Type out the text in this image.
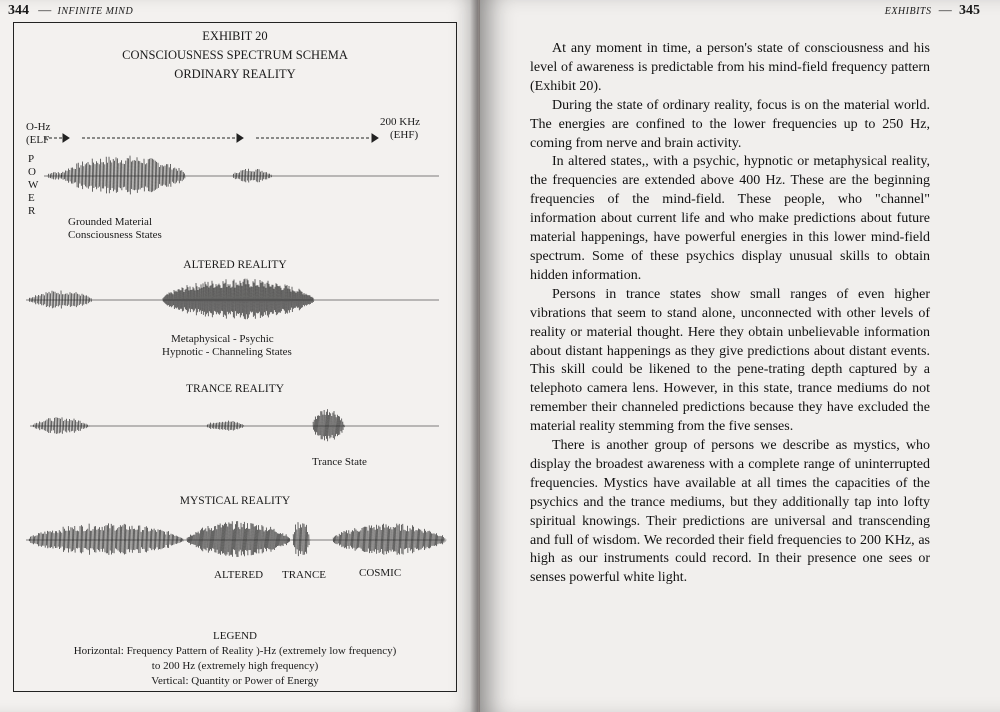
344 — INFINITE MIND
EXHIBIT 20
CONSCIOUSNESS SPECTRUM SCHEMA
ORDINARY REALITY
O-Hz
(ELF
200 KHz
(EHF)
P
O
W
E
R
Grounded Material
Consciousness States
ALTERED REALITY
Metaphysical - Psychic
Hypnotic - Channeling States
TRANCE REALITY
Trance State
MYSTICAL REALITY
ALTERED TRANCE	COSMIC
LEGEND
Horizontal: Frequency Pattern of Reality )-Hz (extremely low frequency)
to 200 Hz (extremely high frequency)
Vertical: Quantity or Power of Energy
EXHIBITS — 345

At any moment in time, a person's state of consciousness and his level of awareness is predictable from his mind-field frequency pattern (Exhibit 20).

During the state of ordinary reality, focus is on the material world. The energies are confined to the lower frequencies up to 250 Hz, coming from nerve and brain activity.

In altered states,, with a psychic, hypnotic or metaphysical reality, the frequencies are extended above 400 Hz. These are the beginning frequencies of the mind-field. These people, who "channel" information about current life and who make predictions about future material happenings, have powerful energies in this lower mind-field spectrum. Some of these psychics display unusual skills to obtain hidden information.

Persons in trance states show small ranges of even higher vibrations that seem to stand alone, unconnected with other levels of reality or material thought. Here they obtain unbelievable information about distant happenings as they give predictions about distant events. This skill could be likened to the pene-trating depth captured by a telephoto camera lens. However, in this state, trance mediums do not remember their channeled predictions because they have excluded the material reality stemming from the five senses.

There is another group of persons we describe as mystics, who display the broadest awareness with a complete range of uninterrupted frequencies. Mystics have available at all times the capacities of the psychics and the trance mediums, but they additionally tap into lofty spiritual knowings. Their predictions are universal and transcending and full of wisdom. We recorded their field frequencies to 200 KHz, as high as our instruments could record. In their presence one sees or senses powerful white light.
